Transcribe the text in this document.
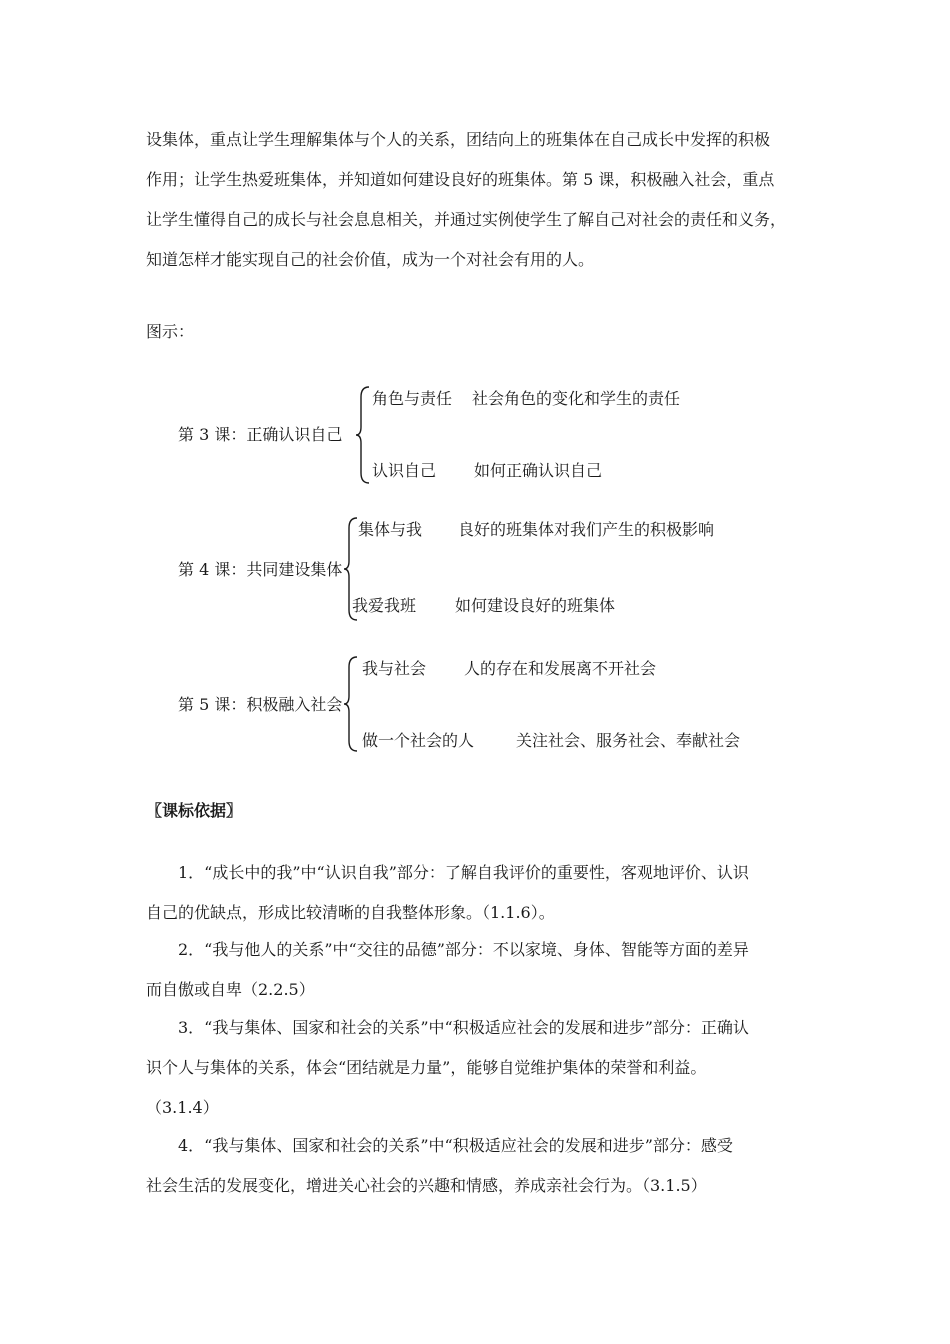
设集体，重点让学生理解集体与个人的关系，团结向上的班集体在自己成长中发挥的积极
作用；让学生热爱班集体，并知道如何建设良好的班集体。第 5 课，积极融入社会，重点
让学生懂得自己的成长与社会息息相关，并通过实例使学生了解自己对社会的责任和义务，
知道怎样才能实现自己的社会价值，成为一个对社会有用的人。
图示：
第 3 课：正确认识自己
角色与责任 社会角色的变化和学生的责任
认识自己 如何正确认识自己
第 4 课：共同建设集体
集体与我 良好的班集体对我们产生的积极影响
我爱我班 如何建设良好的班集体
第 5 课：积极融入社会
我与社会 人的存在和发展离不开社会
做一个社会的人	关注社会、服务社会、奉献社会
〖课标依据〗
1．“成长中的我”中“认识自我”部分：了解自我评价的重要性，客观地评价、认识
自己的优缺点，形成比较清晰的自我整体形象。（1.1.6）。
2．“我与他人的关系”中“交往的品德”部分：不以家境、身体、智能等方面的差异
而自傲或自卑（2.2.5）
3．“我与集体、国家和社会的关系”中“积极适应社会的发展和进步”部分：正确认
识个人与集体的关系，体会“团结就是力量”，能够自觉维护集体的荣誉和利益。
（3.1.4）
4．“我与集体、国家和社会的关系”中“积极适应社会的发展和进步”部分：感受
社会生活的发展变化，增进关心社会的兴趣和情感，养成亲社会行为。（3.1.5）
